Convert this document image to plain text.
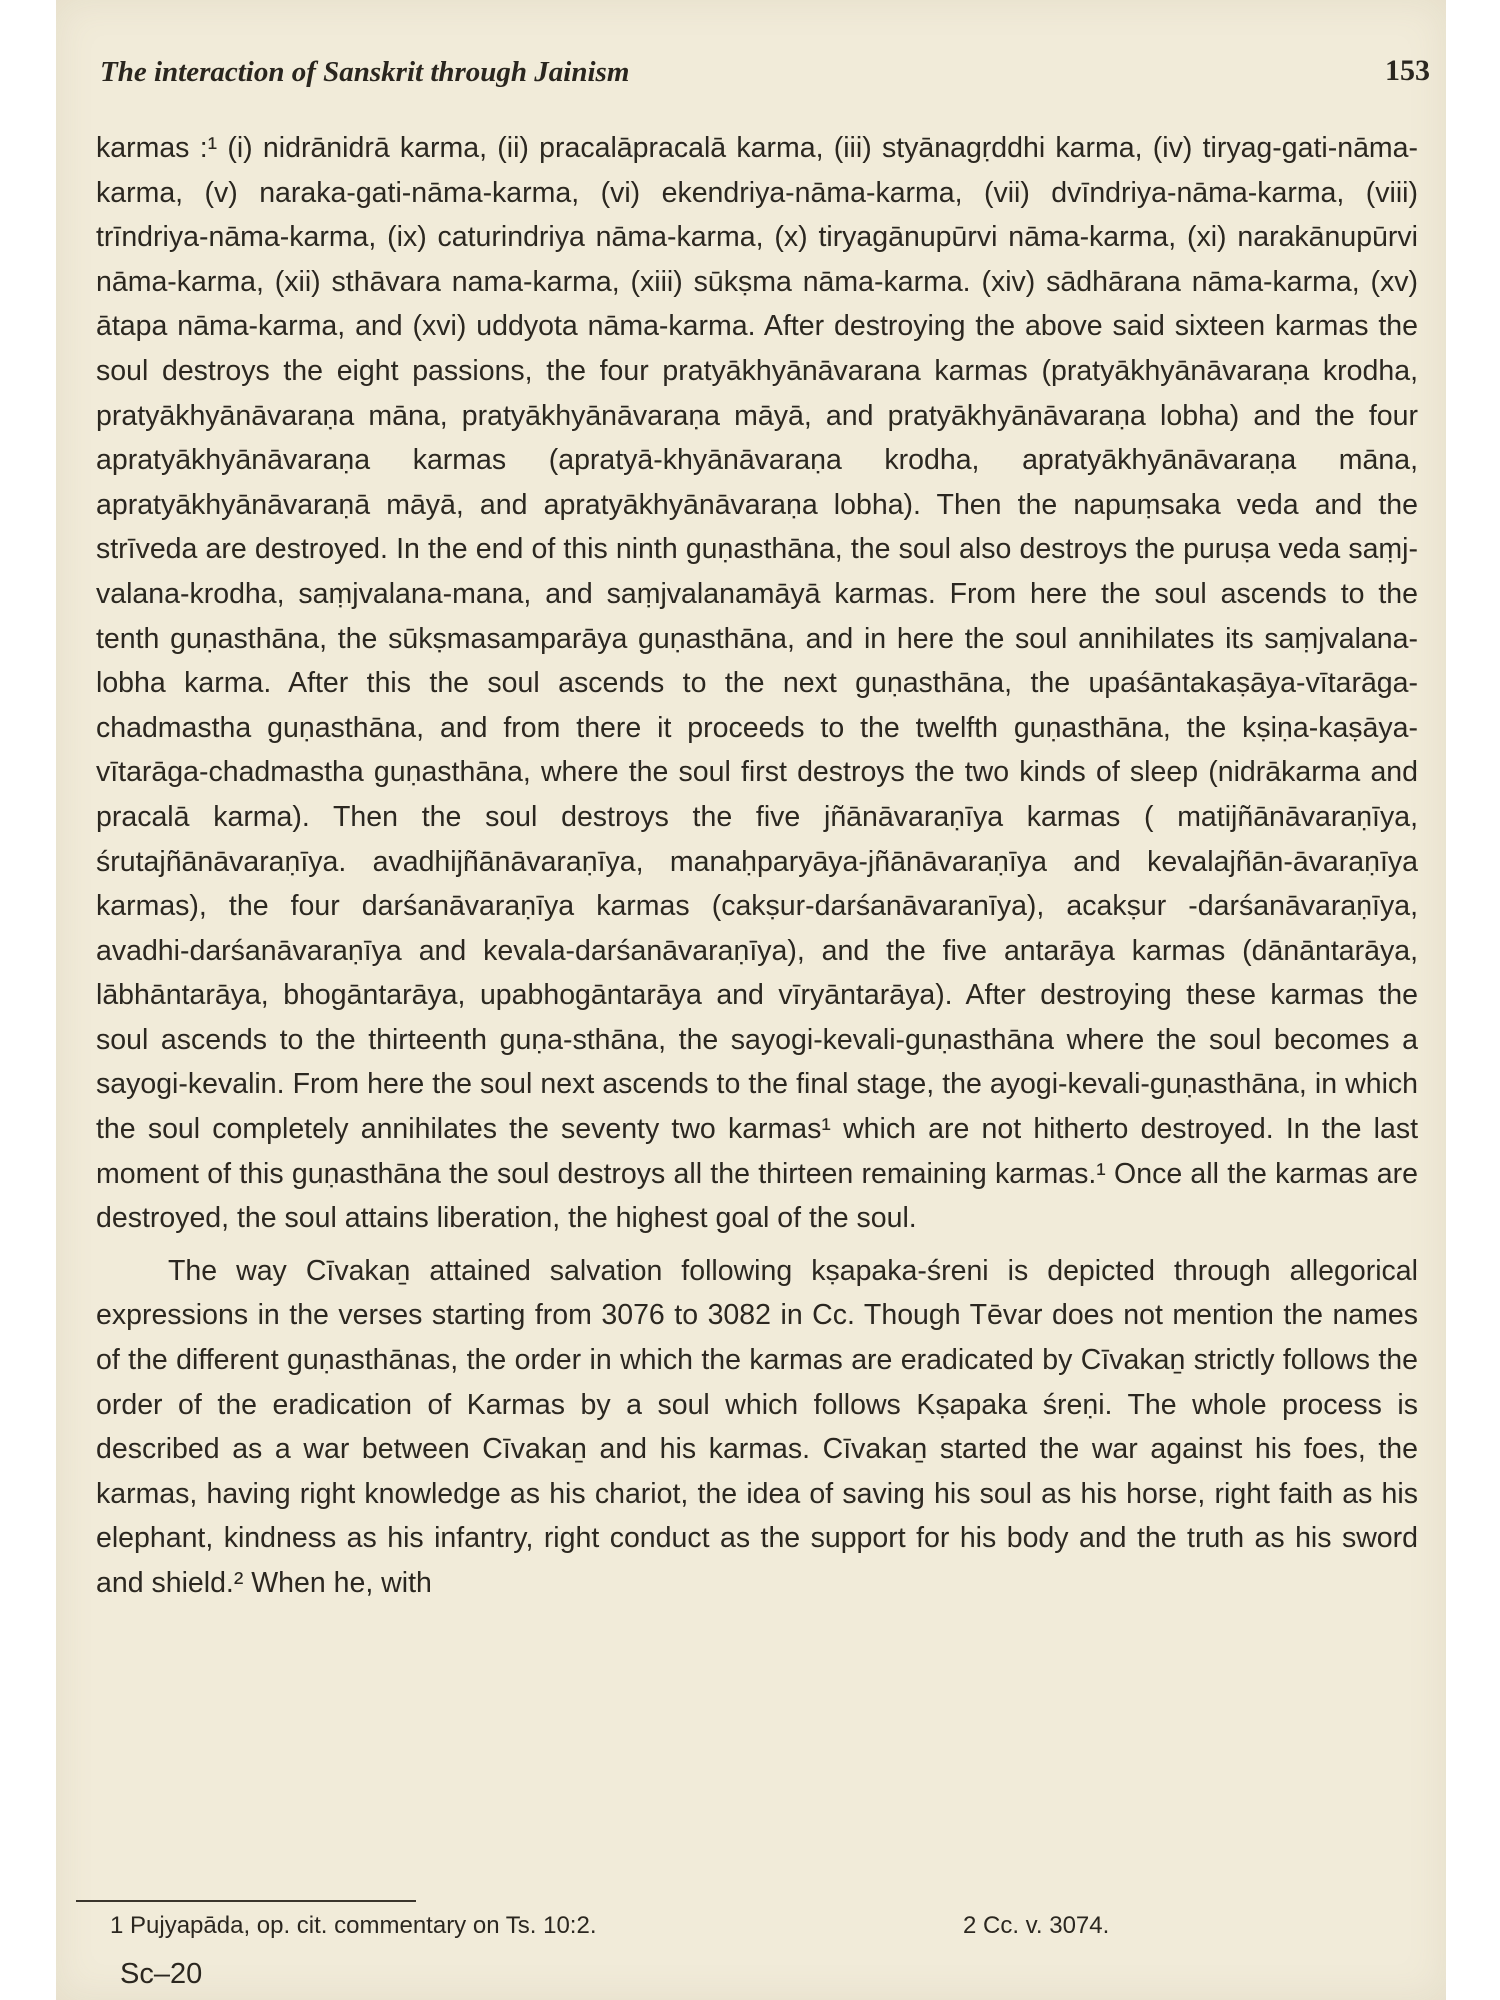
The interaction of Sanskrit through Jainism	153

karmas :¹ (i) nidrānidrā karma, (ii) pracalāpracalā karma, (iii) styānagṛddhi karma, (iv) tiryag-gati-nāma-karma, (v) naraka-gati-nāma-karma, (vi) ekendriya-nāma-karma, (vii) dvīndriya-nāma-karma, (viii) trīndriya-nāma-karma, (ix) caturindriya nāma-karma, (x) tiryagānupūrvi nāma-karma, (xi) narakānupūrvi nāma-karma, (xii) sthāvara nama-karma, (xiii) sūkṣma nāma-karma. (xiv) sādhārana nāma-karma, (xv) ātapa nāma-karma, and (xvi) uddyota nāma-karma. After destroying the above said sixteen karmas the soul destroys the eight passions, the four pratyākhyānāvarana karmas (pratyākhyānāvaraṇa krodha, pratyākhyānāvaraṇa māna, pratyākhyānāvaraṇa māyā, and pratyākhyānāvaraṇa lobha) and the four apratyākhyānāvaraṇa karmas (apratyā-khyānāvaraṇa krodha, apratyākhyānāvaraṇa māna, apratyākhyānāvaraṇā māyā, and apratyākhyānāvaraṇa lobha). Then the napuṃsaka veda and the strīveda are destroyed. In the end of this ninth guṇasthāna, the soul also destroys the puruṣa veda saṃj-valana-krodha, saṃjvalana-mana, and saṃjvalanamāyā karmas. From here the soul ascends to the tenth guṇasthāna, the sūkṣmasamparāya guṇasthāna, and in here the soul annihilates its saṃjvalana-lobha karma. After this the soul ascends to the next guṇasthāna, the upaśāntakaṣāya-vītarāga-chadmastha guṇasthāna, and from there it proceeds to the twelfth guṇasthāna, the kṣiṇa-kaṣāya-vītarāga-chadmastha guṇasthāna, where the soul first destroys the two kinds of sleep (nidrākarma and pracalā karma). Then the soul destroys the five jñānāvaraṇīya karmas ( matijñānāvaraṇīya, śrutajñānāvaraṇīya. avadhijñānāvaraṇīya, manaḥparyāya-jñānāvaraṇīya and kevalajñān-āvaraṇīya karmas), the four darśanāvaraṇīya karmas (cakṣur-darśanāvaranīya), acakṣur -darśanāvaraṇīya, avadhi-darśanāvaraṇīya and kevala-darśanāvaraṇīya), and the five antarāya karmas (dānāntarāya, lābhāntarāya, bhogāntarāya, upabhogāntarāya and vīryāntarāya). After destroying these karmas the soul ascends to the thirteenth guṇa-sthāna, the sayogi-kevali-guṇasthāna where the soul becomes a sayogi-kevalin. From here the soul next ascends to the final stage, the ayogi-kevali-guṇasthāna, in which the soul completely annihilates the seventy two karmas¹ which are not hitherto destroyed. In the last moment of this guṇasthāna the soul destroys all the thirteen remaining karmas.¹ Once all the karmas are destroyed, the soul attains liberation, the highest goal of the soul.

The way Cīvakaṉ attained salvation following kṣapaka-śreni is depicted through allegorical expressions in the verses starting from 3076 to 3082 in Cc. Though Tēvar does not mention the names of the different guṇasthānas, the order in which the karmas are eradicated by Cīvakaṉ strictly follows the order of the eradication of Karmas by a soul which follows Kṣapaka śreṇi. The whole process is described as a war between Cīvakaṉ and his karmas. Cīvakaṉ started the war against his foes, the karmas, having right knowledge as his chariot, the idea of saving his soul as his horse, right faith as his elephant, kindness as his infantry, right conduct as the support for his body and the truth as his sword and shield.² When he, with

1 Pujyapāda, op. cit. commentary on Ts. 10:2.	2 Cc. v. 3074.
Sc–20
